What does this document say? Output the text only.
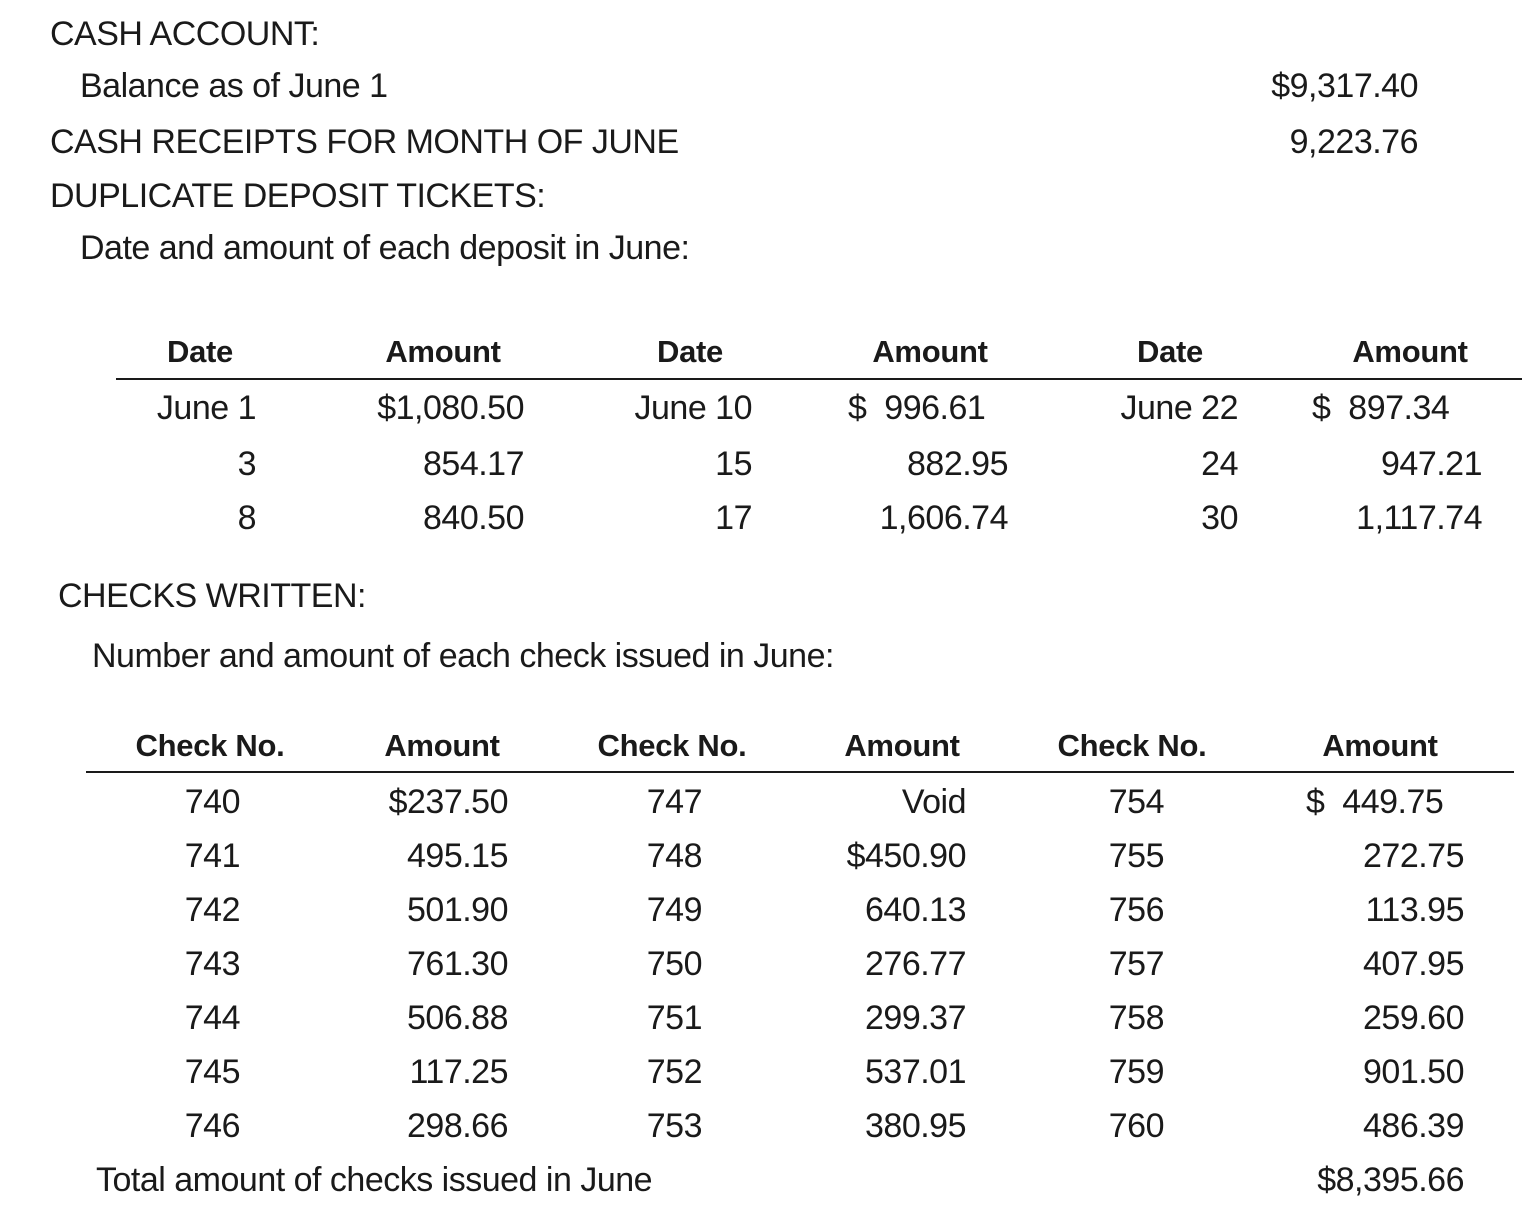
CASH ACCOUNT:
Balance as of June 1	$9,317.40
CASH RECEIPTS FOR MONTH OF JUNE	9,223.76
DUPLICATE DEPOSIT TICKETS:
Date and amount of each deposit in June:
Date	Amount	Date	Amount	Date	Amount
June 1	$1,080.50	June 10	$  996.61	June 22 $  897.34
3	854.17	15	882.95	24	947.21
8	840.50	17	1,606.74	30	1,117.74
CHECKS WRITTEN:
Number and amount of each check issued in June:
Check No.	Amount	Check No.	Amount	Check No.	Amount
740	$237.50	747	Void	754	$  449.75
741	495.15	748	$450.90	755	272.75
742	501.90	749	640.13	756	113.95
743	761.30	750	276.77	757	407.95
744	506.88	751	299.37	758	259.60
745	117.25	752	537.01	759	901.50
746	298.66	753	380.95	760	486.39
Total amount of checks issued in June	$8,395.66
